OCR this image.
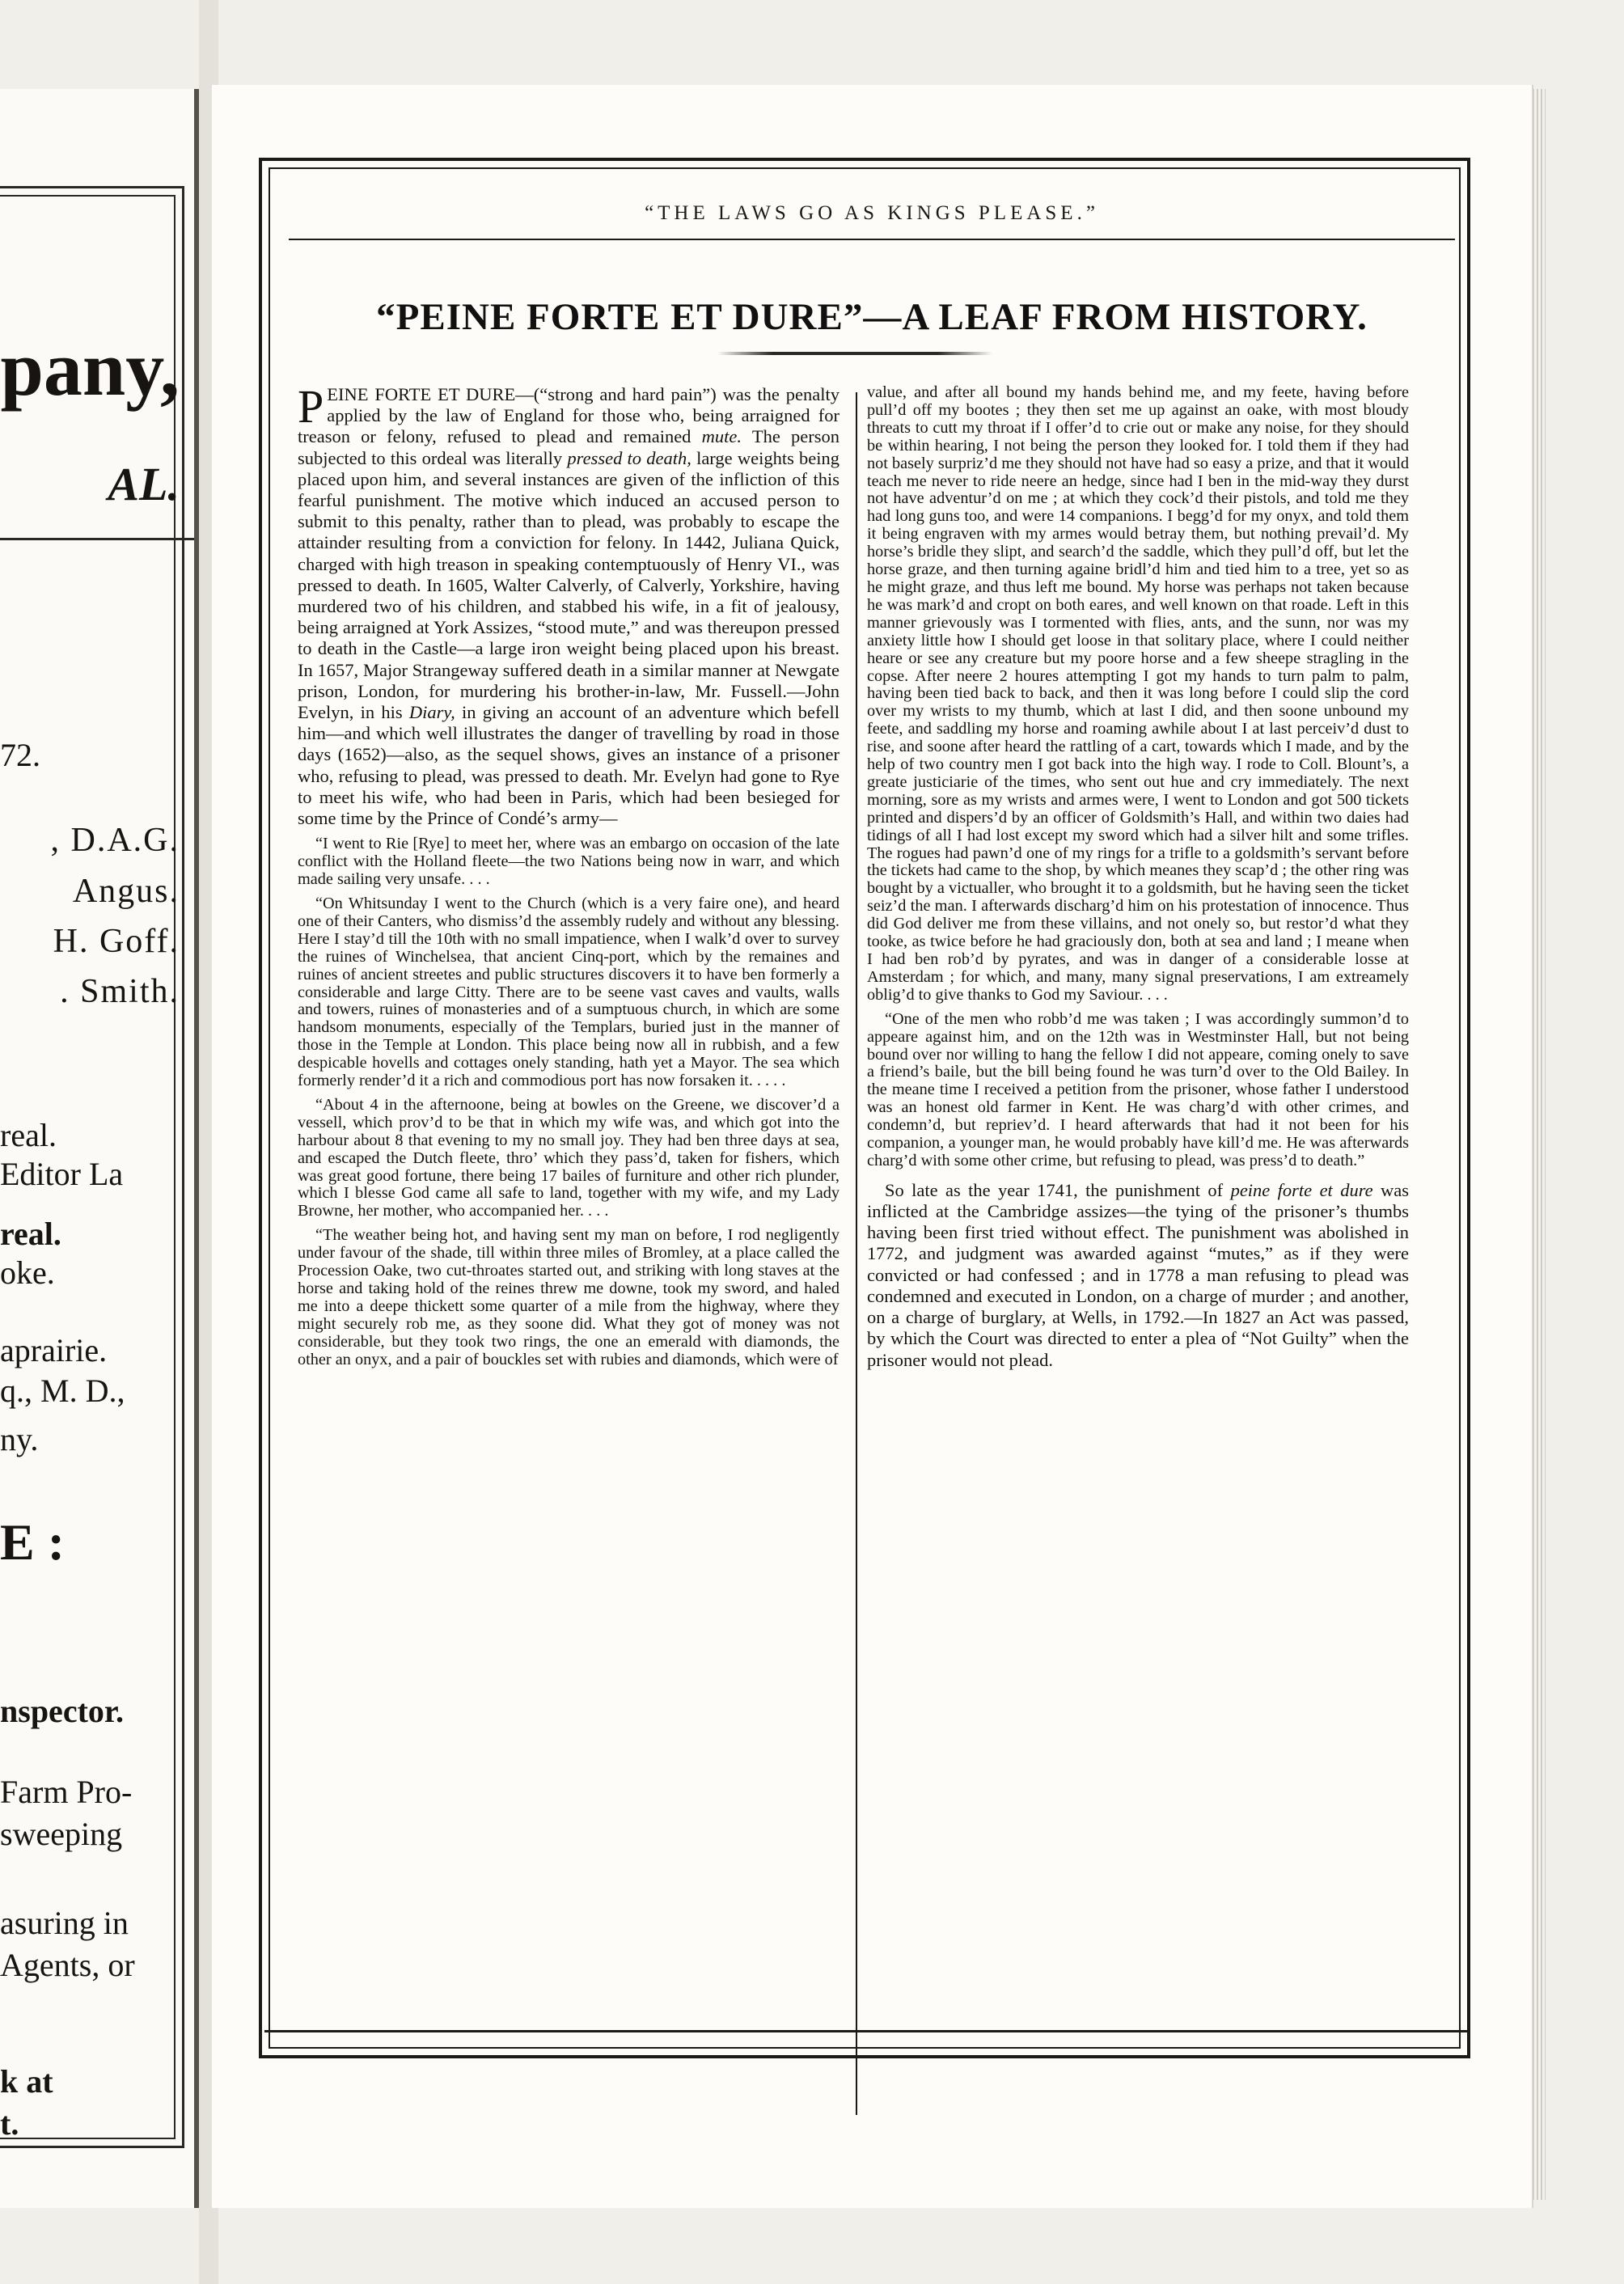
pany,
AL.
72.
, D.A.G.
Angus.
H. Goff.
. Smith.
real.
Editor La
real.
oke.
aprairie.
q., M. D.,
ny.
E :
nspector.
Farm Pro-
sweeping
asuring in
Agents, or
k at
t.
“THE LAWS GO AS KINGS PLEASE.”
“PEINE FORTE ET DURE”—A LEAF FROM HISTORY.

PEINE FORTE ET DURE—(“strong and hard pain”) was the penalty applied by the law of England for those who, being arraigned for treason or felony, refused to plead and remained mute. The person subjected to this ordeal was literally pressed to death, large weights being placed upon him, and several instances are given of the infliction of this fearful punishment. The motive which induced an accused person to submit to this penalty, rather than to plead, was probably to escape the attainder resulting from a conviction for felony. In 1442, Juliana Quick, charged with high treason in speaking contemptuously of Henry VI., was pressed to death. In 1605, Walter Calverly, of Calverly, Yorkshire, having murdered two of his children, and stabbed his wife, in a fit of jealousy, being arraigned at York Assizes, “stood mute,” and was thereupon pressed to death in the Castle—a large iron weight being placed upon his breast. In 1657, Major Strangeway suffered death in a similar manner at Newgate prison, London, for murdering his brother-in-law, Mr. Fussell.—John Evelyn, in his Diary, in giving an account of an adventure which befell him—and which well illustrates the danger of travelling by road in those days (1652)—also, as the sequel shows, gives an instance of a prisoner who, refusing to plead, was pressed to death. Mr. Evelyn had gone to Rye to meet his wife, who had been in Paris, which had been besieged for some time by the Prince of Condé’s army—

“I went to Rie [Rye] to meet her, where was an embargo on occasion of the late conflict with the Holland fleete—the two Nations being now in warr, and which made sailing very unsafe. . . .

“On Whitsunday I went to the Church (which is a very faire one), and heard one of their Canters, who dismiss’d the assembly rudely and without any blessing. Here I stay’d till the 10th with no small impatience, when I walk’d over to survey the ruines of Winchelsea, that ancient Cinq-port, which by the remaines and ruines of ancient streetes and public structures discovers it to have ben formerly a considerable and large Citty. There are to be seene vast caves and vaults, walls and towers, ruines of monasteries and of a sumptuous church, in which are some handsom monuments, especially of the Templars, buried just in the manner of those in the Temple at London. This place being now all in rubbish, and a few despicable hovells and cottages onely standing, hath yet a Mayor. The sea which formerly render’d it a rich and commodious port has now forsaken it. . . . .

“About 4 in the afternoone, being at bowles on the Greene, we discover’d a vessell, which prov’d to be that in which my wife was, and which got into the harbour about 8 that evening to my no small joy. They had ben three days at sea, and escaped the Dutch fleete, thro’ which they pass’d, taken for fishers, which was great good fortune, there being 17 bailes of furniture and other rich plunder, which I blesse God came all safe to land, together with my wife, and my Lady Browne, her mother, who accompanied her. . . .

“The weather being hot, and having sent my man on before, I rod negligently under favour of the shade, till within three miles of Bromley, at a place called the Procession Oake, two cut-throates started out, and striking with long staves at the horse and taking hold of the reines threw me downe, took my sword, and haled me into a deepe thickett some quarter of a mile from the highway, where they might securely rob me, as they soone did. What they got of money was not considerable, but they took two rings, the one an emerald with diamonds, the other an onyx, and a pair of bouckles set with rubies and diamonds, which were of

value, and after all bound my hands behind me, and my feete, having before pull’d off my bootes ; they then set me up against an oake, with most bloudy threats to cutt my throat if I offer’d to crie out or make any noise, for they should be within hearing, I not being the person they looked for. I told them if they had not basely surpriz’d me they should not have had so easy a prize, and that it would teach me never to ride neere an hedge, since had I ben in the mid-way they durst not have adventur’d on me ; at which they cock’d their pistols, and told me they had long guns too, and were 14 companions. I begg’d for my onyx, and told them it being engraven with my armes would betray them, but nothing prevail’d. My horse’s bridle they slipt, and search’d the saddle, which they pull’d off, but let the horse graze, and then turning againe bridl’d him and tied him to a tree, yet so as he might graze, and thus left me bound. My horse was perhaps not taken because he was mark’d and cropt on both eares, and well known on that roade. Left in this manner grievously was I tormented with flies, ants, and the sunn, nor was my anxiety little how I should get loose in that solitary place, where I could neither heare or see any creature but my poore horse and a few sheepe stragling in the copse. After neere 2 houres attempting I got my hands to turn palm to palm, having been tied back to back, and then it was long before I could slip the cord over my wrists to my thumb, which at last I did, and then soone unbound my feete, and saddling my horse and roaming awhile about I at last perceiv’d dust to rise, and soone after heard the rattling of a cart, towards which I made, and by the help of two country men I got back into the high way. I rode to Coll. Blount’s, a greate justiciarie of the times, who sent out hue and cry immediately. The next morning, sore as my wrists and armes were, I went to London and got 500 tickets printed and dispers’d by an officer of Goldsmith’s Hall, and within two daies had tidings of all I had lost except my sword which had a silver hilt and some trifles. The rogues had pawn’d one of my rings for a trifle to a goldsmith’s servant before the tickets had came to the shop, by which meanes they scap’d ; the other ring was bought by a victualler, who brought it to a goldsmith, but he having seen the ticket seiz’d the man. I afterwards discharg’d him on his protestation of innocence. Thus did God deliver me from these villains, and not onely so, but restor’d what they tooke, as twice before he had graciously don, both at sea and land ; I meane when I had ben rob’d by pyrates, and was in danger of a considerable losse at Amsterdam ; for which, and many, many signal preservations, I am extreamely oblig’d to give thanks to God my Saviour. . . .

“One of the men who robb’d me was taken ; I was accordingly summon’d to appeare against him, and on the 12th was in Westminster Hall, but not being bound over nor willing to hang the fellow I did not appeare, coming onely to save a friend’s baile, but the bill being found he was turn’d over to the Old Bailey. In the meane time I received a petition from the prisoner, whose father I understood was an honest old farmer in Kent. He was charg’d with other crimes, and condemn’d, but repriev’d. I heard afterwards that had it not been for his companion, a younger man, he would probably have kill’d me. He was afterwards charg’d with some other crime, but refusing to plead, was press’d to death.”

So late as the year 1741, the punishment of peine forte et dure was inflicted at the Cambridge assizes—the tying of the prisoner’s thumbs having been first tried without effect. The punishment was abolished in 1772, and judgment was awarded against “mutes,” as if they were convicted or had confessed ; and in 1778 a man refusing to plead was condemned and executed in London, on a charge of murder ; and another, on a charge of burglary, at Wells, in 1792.—In 1827 an Act was passed, by which the Court was directed to enter a plea of “Not Guilty” when the prisoner would not plead.
